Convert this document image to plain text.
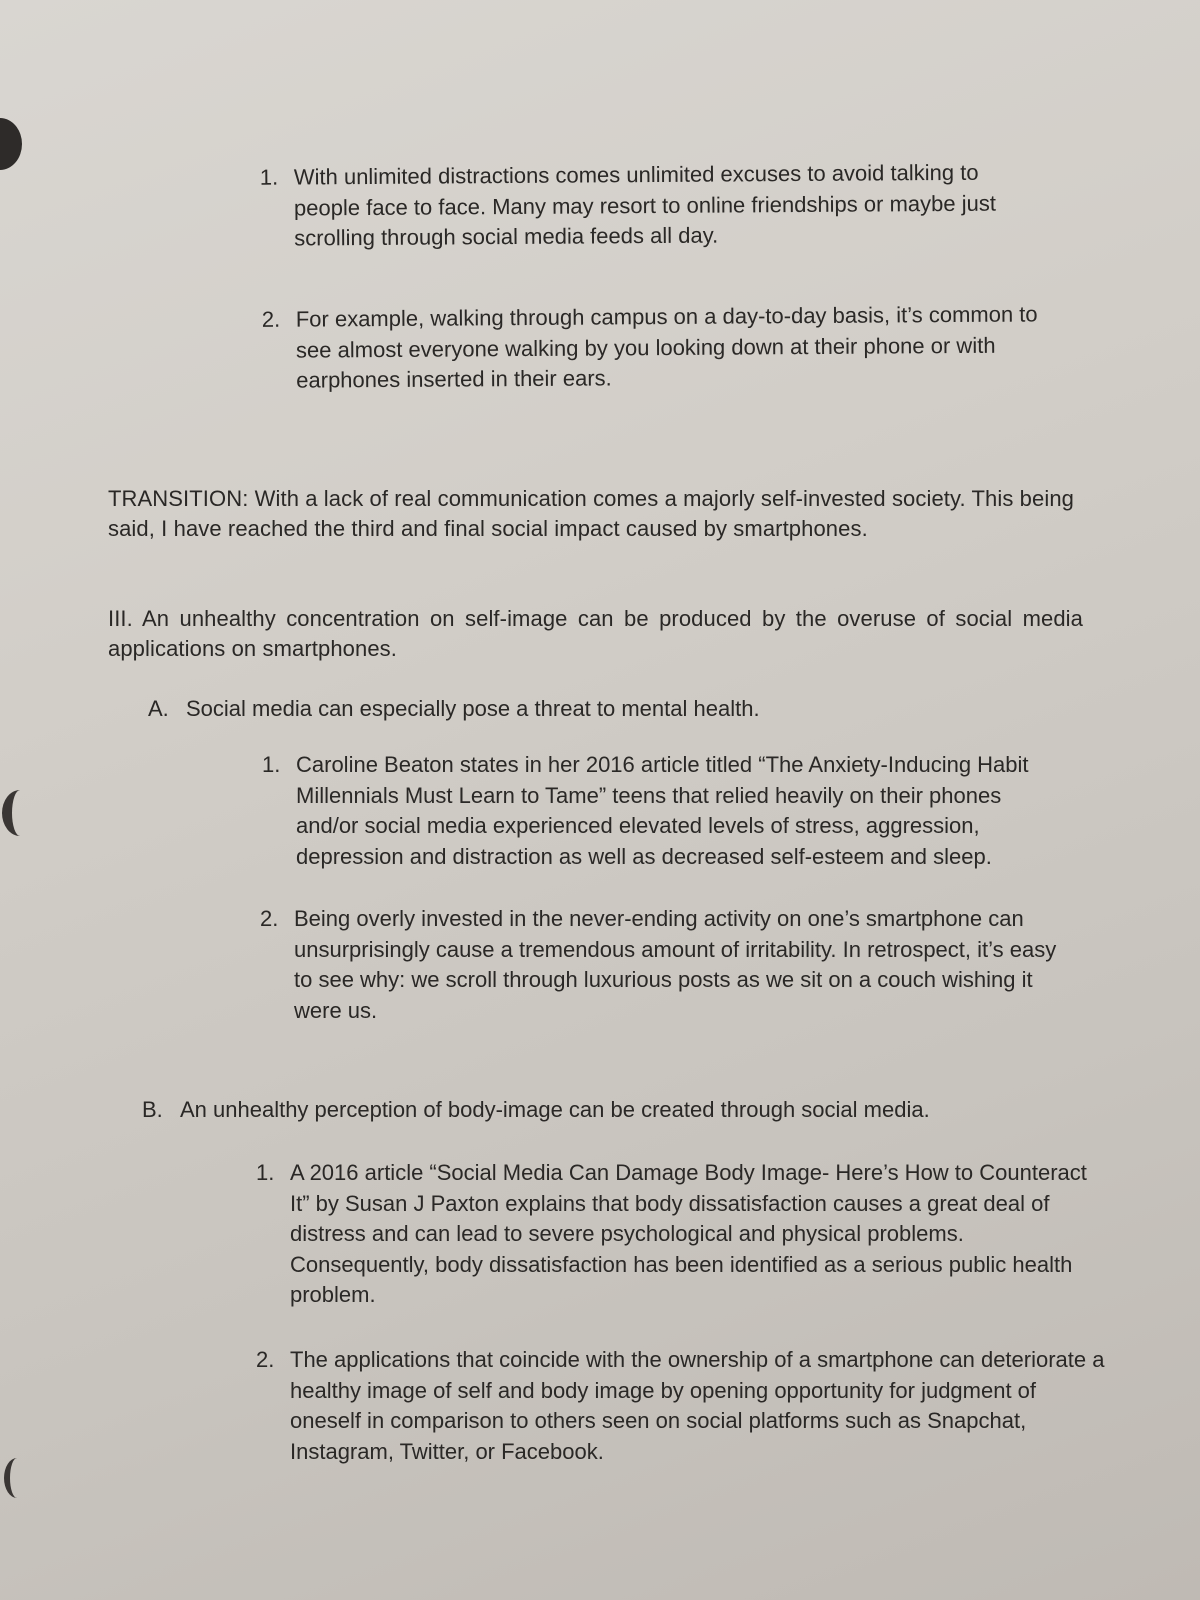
1. With unlimited distractions comes unlimited excuses to avoid talking to people face to face. Many may resort to online friendships or maybe just scrolling through social media feeds all day.
2. For example, walking through campus on a day-to-day basis, it’s common to see almost everyone walking by you looking down at their phone or with earphones inserted in their ears.
TRANSITION: With a lack of real communication comes a majorly self-invested society. This being said, I have reached the third and final social impact caused by smartphones.
III. An unhealthy concentration on self-image can be produced by the overuse of social media applications on smartphones.
A. Social media can especially pose a threat to mental health.
1. Caroline Beaton states in her 2016 article titled “The Anxiety-Inducing Habit Millennials Must Learn to Tame” teens that relied heavily on their phones and/or social media experienced elevated levels of stress, aggression, depression and distraction as well as decreased self-esteem and sleep.
2. Being overly invested in the never-ending activity on one’s smartphone can unsurprisingly cause a tremendous amount of irritability. In retrospect, it’s easy to see why: we scroll through luxurious posts as we sit on a couch wishing it were us.
B. An unhealthy perception of body-image can be created through social media.
1. A 2016 article “Social Media Can Damage Body Image- Here’s How to Counteract It” by Susan J Paxton explains that body dissatisfaction causes a great deal of distress and can lead to severe psychological and physical problems. Consequently, body dissatisfaction has been identified as a serious public health problem.
2. The applications that coincide with the ownership of a smartphone can deteriorate a healthy image of self and body image by opening opportunity for judgment of oneself in comparison to others seen on social platforms such as Snapchat, Instagram, Twitter, or Facebook.
